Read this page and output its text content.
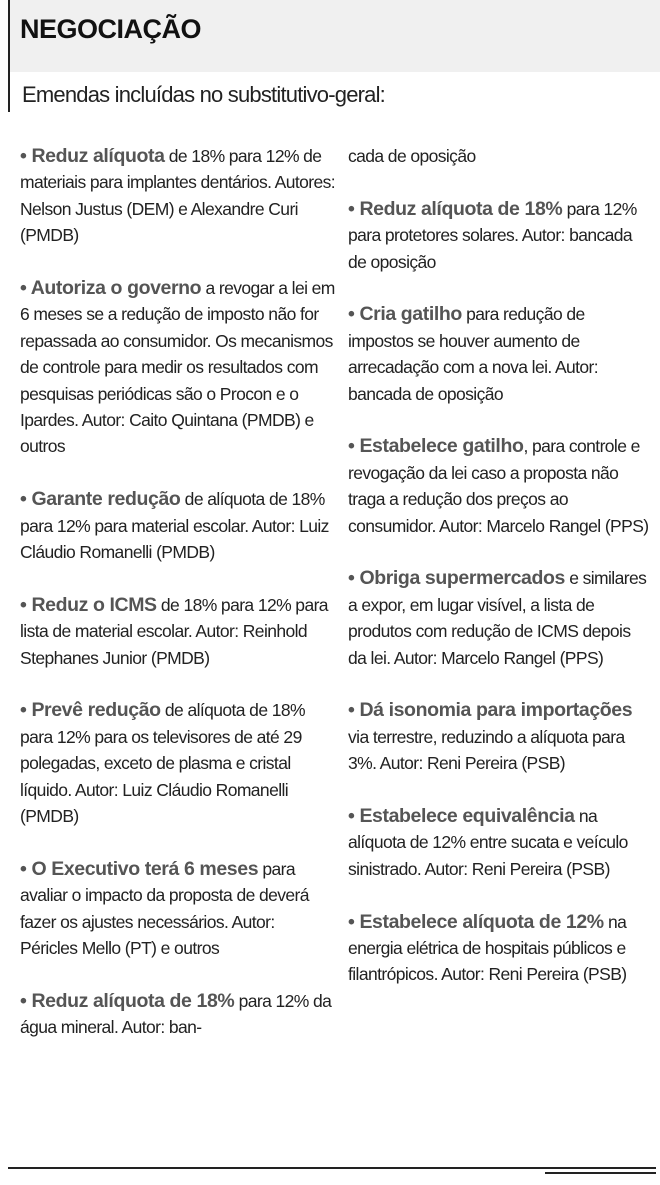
NEGOCIAÇÃO
Emendas incluídas no substitutivo-geral:
• Reduz alíquota de 18% para 12% de materiais para implantes dentários. Autores: Nelson Justus (DEM) e Alexandre Curi (PMDB)
• Autoriza o governo a revogar a lei em 6 meses se a redução de imposto não for repassada ao consumidor. Os mecanismos de controle para medir os resultados com pesquisas periódicas são o Procon e o Ipardes. Autor: Caito Quintana (PMDB) e outros
• Garante redução de alíquota de 18% para 12% para material escolar. Autor: Luiz Cláudio Romanelli (PMDB)
• Reduz o ICMS de 18% para 12% para lista de material escolar. Autor: Reinhold Stephanes Junior (PMDB)
• Prevê redução de alíquota de 18% para 12% para os televisores de até 29 polegadas, exceto de plasma e cristal líquido. Autor: Luiz Cláudio Romanelli (PMDB)
• O Executivo terá 6 meses para avaliar o impacto da proposta de deverá fazer os ajustes necessários. Autor: Péricles Mello (PT) e outros
• Reduz alíquota de 18% para 12% da água mineral. Autor: ban-
cada de oposição
• Reduz alíquota de 18% para 12% para protetores solares. Autor: bancada de oposição
• Cria gatilho para redução de impostos se houver aumento de arrecadação com a nova lei. Autor: bancada de oposição
• Estabelece gatilho, para controle e revogação da lei caso a proposta não traga a redução dos preços ao consumidor. Autor: Marcelo Rangel (PPS)
• Obriga supermercados e similares a expor, em lugar visível, a lista de produtos com redução de ICMS depois da lei. Autor: Marcelo Rangel (PPS)
• Dá isonomia para importações via terrestre, reduzindo a alíquota para 3%. Autor: Reni Pereira (PSB)
• Estabelece equivalência na alíquota de 12% entre sucata e veículo sinistrado. Autor: Reni Pereira (PSB)
• Estabelece alíquota de 12% na energia elétrica de hospitais públicos e filantrópicos. Autor: Reni Pereira (PSB)
